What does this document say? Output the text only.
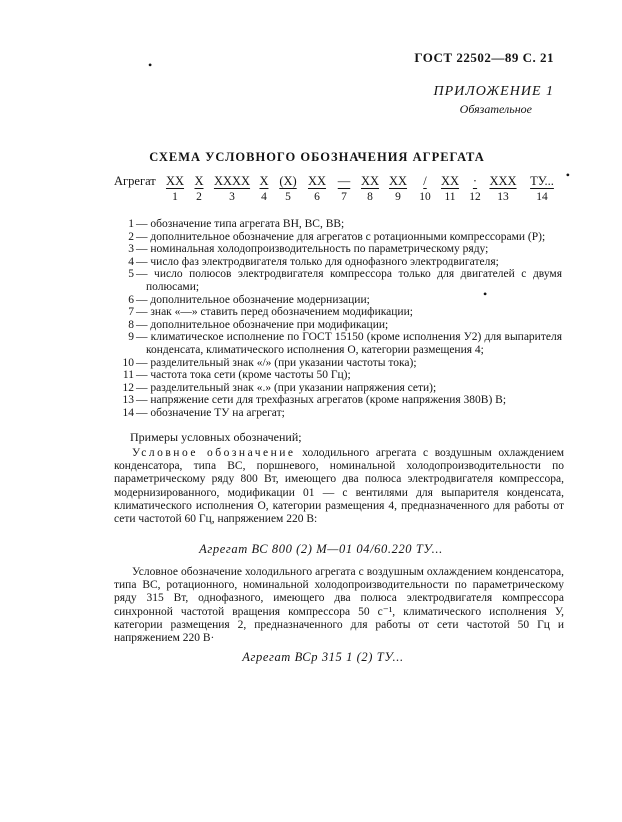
•	ГОСТ 22502—89 С. 21
ПРИЛОЖЕНИЕ 1
Обязательное
СХЕМА УСЛОВНОГО ОБОЗНАЧЕНИЯ АГРЕГАТА
Агрегат XX
1
X
2
XXXX
3
X
4
(X)
5
XX
6
—
7
XX
8
XX
9
/
10
XX
11
·
12
XXX
13
ТУ...
14
•
1 — обозначение типа агрегата ВН, ВС, ВВ;
2 — дополнительное обозначение для агрегатов с ротационными компрессорами (Р);
3 — номинальная холодопроизводительность по параметрическому ряду;
4 — число фаз электродвигателя только для однофазного электродвигателя;
5 — число полюсов электродвигателя компрессора только для двигателей с двумя полюсами;
6 — дополнительное обозначение модернизации;
7 — знак «—» ставить перед обозначением модификации;
8 — дополнительное обозначение при модификации;
9 — климатическое исполнение по ГОСТ 15150 (кроме исполнения У2) для выпарителя конденсата, климатического исполнения О, категории размещения 4;
10 — разделительный знак «/» (при указании частоты тока);
11 — частота тока сети (кроме частоты 50 Гц);
12 — разделительный знак «.» (при указании напряжения сети);
13 — напряжение сети для трехфазных агрегатов (кроме напряжения 380В) В;
14 — обозначение ТУ на агрегат;
•
Примеры условных обозначений;
Условное обозначение холодильного агрегата с воздушным охлаждением конденсатора, типа ВС, поршневого, номинальной холодопроизводительности по параметрическому ряду 800 Вт, имеющего два полюса электродвигателя компрессора, модернизированного, модификации 01 — с вентилями для выпарителя конденсата, климатического исполнения О, категории размещения 4, предназначенного для работы от сети частотой 60 Гц, напряжением 220 В:
Агрегат ВС 800 (2) М—01 04/60.220 ТУ...
Условное обозначение холодильного агрегата с воздушным охлаждением конденсатора, типа ВС, ротационного, номинальной холодопроизводительности по параметрическому ряду 315 Вт, однофазного, имеющего два полюса электродвигателя компрессора синхронной частотой вращения компрессора 50 с⁻¹, климатического исполнения У, категории размещения 2, предназначенного для работы от сети частотой 50 Гц и напряжением 220 В·
Агрегат ВСр 315 1 (2) ТУ...
